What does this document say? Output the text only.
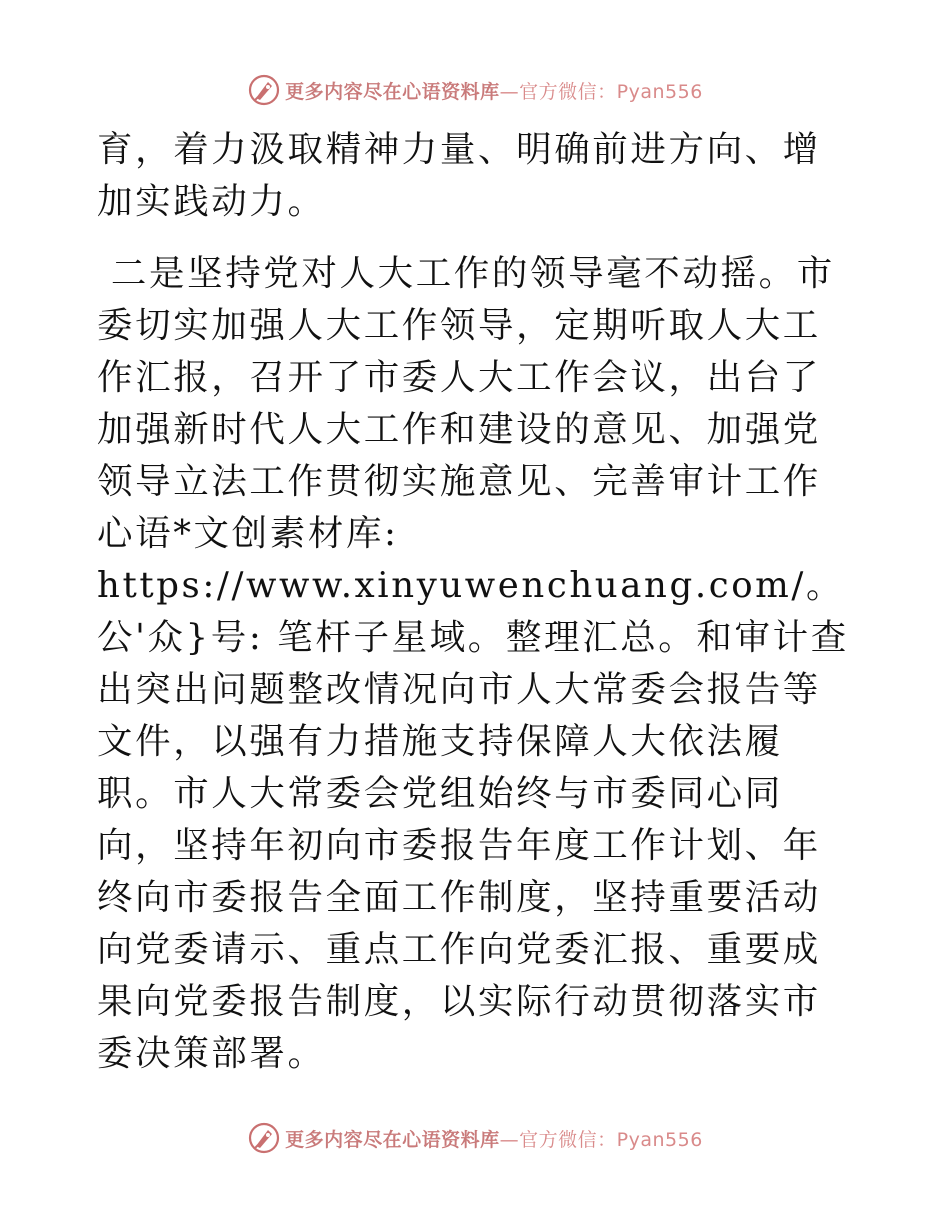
更多内容尽在心语资料库—官方微信：Pyan556

育，着力汲取精神力量、明确前进方向、增加实践动力。

二是坚持党对人大工作的领导毫不动摇。市委切实加强人大工作领导，定期听取人大工作汇报，召开了市委人大工作会议，出台了加强新时代人大工作和建设的意见、加强党领导立法工作贯彻实施意见、完善审计工作心语*文创素材库: https://www.xinyuwenchuang.com/。公'众}号: 笔杆子星域。整理汇总。和审计查出突出问题整改情况向市人大常委会报告等文件，以强有力措施支持保障人大依法履职。市人大常委会党组始终与市委同心同向，坚持年初向市委报告年度工作计划、年终向市委报告全面工作制度，坚持重要活动向党委请示、重点工作向党委汇报、重要成果向党委报告制度，以实际行动贯彻落实市委决策部署。

更多内容尽在心语资料库—官方微信：Pyan556
